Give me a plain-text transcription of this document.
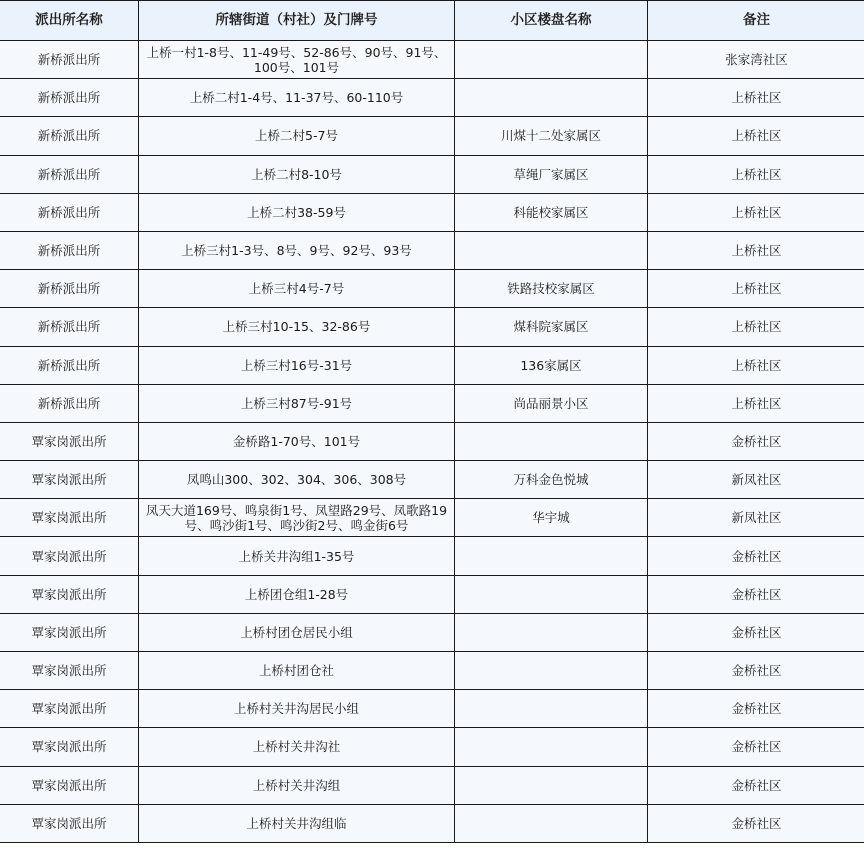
派出所名称	所辖街道（村社）及门牌号	小区楼盘名称	备注
新桥派出所	上桥一村1-8号、11-49号、52-86号、90号、91号、100号、101号		张家湾社区
新桥派出所	上桥二村1-4号、11-37号、60-110号		上桥社区
新桥派出所	上桥二村5-7号	川煤十二处家属区	上桥社区
新桥派出所	上桥二村8-10号	草绳厂家属区	上桥社区
新桥派出所	上桥二村38-59号	科能校家属区	上桥社区
新桥派出所	上桥三村1-3号、8号、9号、92号、93号		上桥社区
新桥派出所	上桥三村4号-7号	铁路技校家属区	上桥社区
新桥派出所	上桥三村10-15、32-86号	煤科院家属区	上桥社区
新桥派出所	上桥三村16号-31号	136家属区	上桥社区
新桥派出所	上桥三村87号-91号	尚品丽景小区	上桥社区
覃家岗派出所	金桥路1-70号、101号		金桥社区
覃家岗派出所	凤鸣山300、302、304、306、308号	万科金色悦城	新凤社区
覃家岗派出所	凤天大道169号、鸣泉街1号、凤望路29号、凤歌路19号、鸣沙街1号、鸣沙街2号、鸣金街6号	华宇城	新凤社区
覃家岗派出所	上桥关井沟组1-35号		金桥社区
覃家岗派出所	上桥团仓组1-28号		金桥社区
覃家岗派出所	上桥村团仓居民小组		金桥社区
覃家岗派出所	上桥村团仓社		金桥社区
覃家岗派出所	上桥村关井沟居民小组		金桥社区
覃家岗派出所	上桥村关井沟社		金桥社区
覃家岗派出所	上桥村关井沟组		金桥社区
覃家岗派出所	上桥村关井沟组临		金桥社区
